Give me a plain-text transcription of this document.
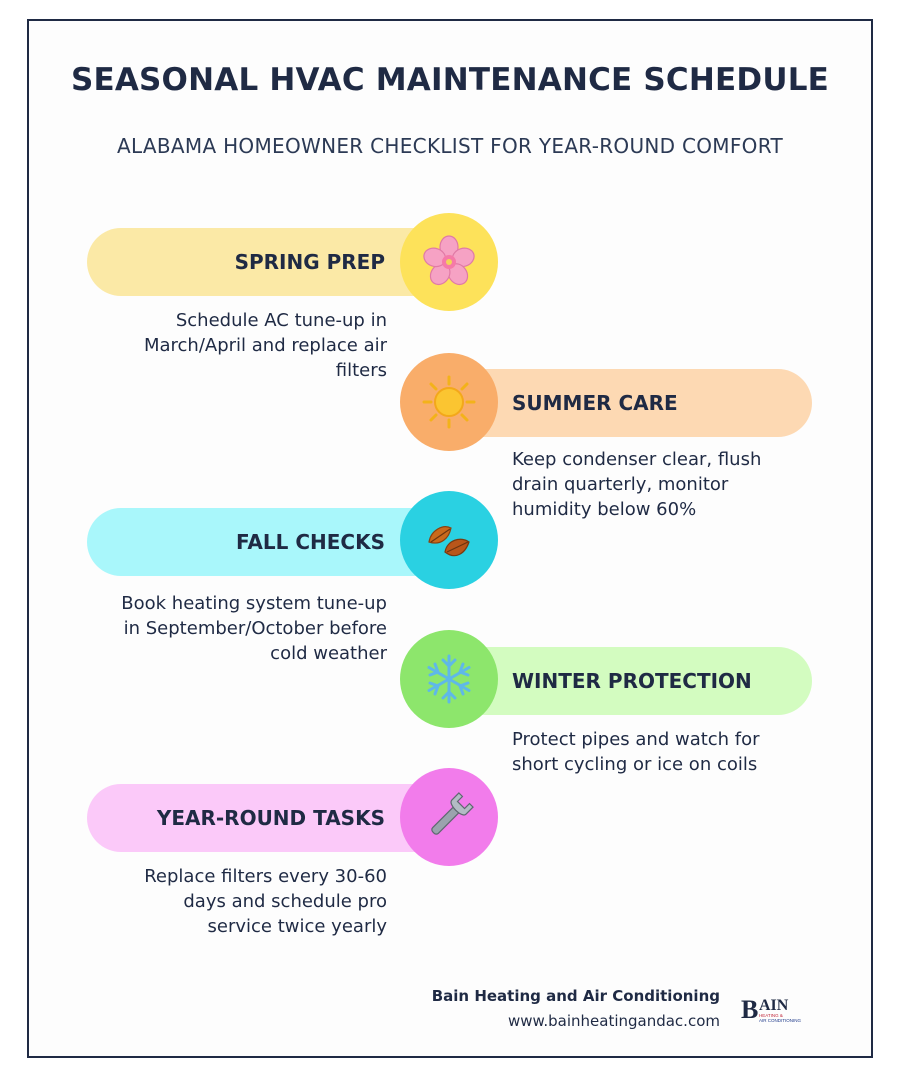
SEASONAL HVAC MAINTENANCE SCHEDULE
ALABAMA HOMEOWNER CHECKLIST FOR YEAR-ROUND COMFORT
SPRING PREP
Schedule AC tune-up in
March/April and replace air
filters
SUMMER CARE
Keep condenser clear, flush
drain quarterly, monitor
humidity below 60%
FALL CHECKS
Book heating system tune-up
in September/October before
cold weather
WINTER PROTECTION
Protect pipes and watch for
short cycling or ice on coils
YEAR-ROUND TASKS
Replace filters every 30-60
days and schedule pro
service twice yearly
Bain Heating and Air Conditioning
www.bainheatingandac.com B AIN
HEATING &
AIR CONDITIONING
